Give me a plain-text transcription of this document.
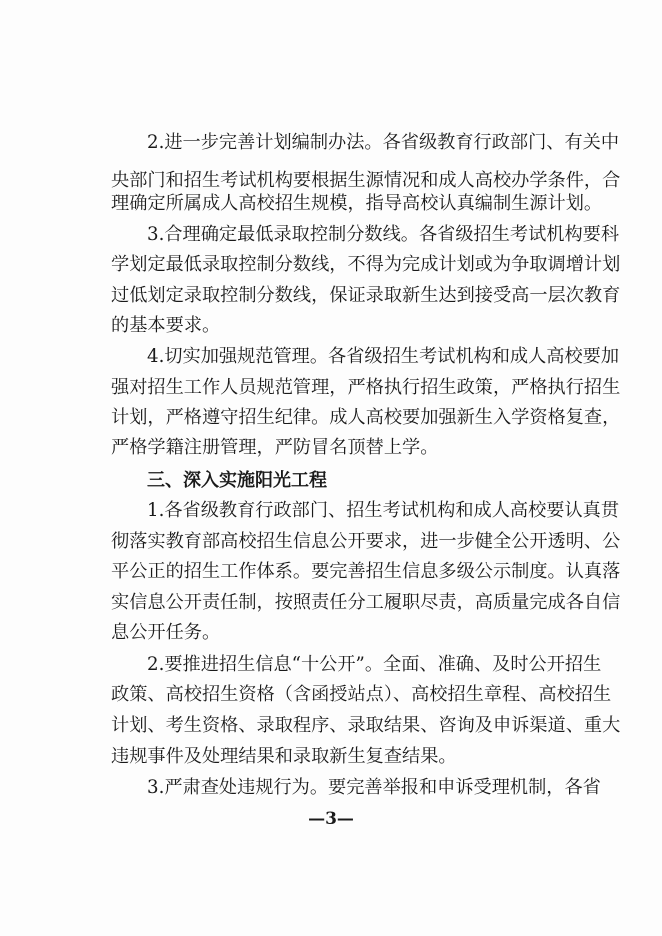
2.进一步完善计划编制办法。各省级教育行政部门、有关中
央部门和招生考试机构要根据生源情况和成人高校办学条件，合
理确定所属成人高校招生规模，指导高校认真编制生源计划。
3.合理确定最低录取控制分数线。各省级招生考试机构要科
学划定最低录取控制分数线，不得为完成计划或为争取调增计划
过低划定录取控制分数线，保证录取新生达到接受高一层次教育
的基本要求。
4.切实加强规范管理。各省级招生考试机构和成人高校要加
强对招生工作人员规范管理，严格执行招生政策，严格执行招生
计划，严格遵守招生纪律。成人高校要加强新生入学资格复查，
严格学籍注册管理，严防冒名顶替上学。
三、深入实施阳光工程
1.各省级教育行政部门、招生考试机构和成人高校要认真贯
彻落实教育部高校招生信息公开要求，进一步健全公开透明、公
平公正的招生工作体系。要完善招生信息多级公示制度。认真落
实信息公开责任制，按照责任分工履职尽责，高质量完成各自信
息公开任务。
2.要推进招生信息“十公开”。全面、准确、及时公开招生
政策、高校招生资格（含函授站点）、高校招生章程、高校招生
计划、考生资格、录取程序、录取结果、咨询及申诉渠道、重大
违规事件及处理结果和录取新生复查结果。
3.严肃查处违规行为。要完善举报和申诉受理机制，各省
—3—
